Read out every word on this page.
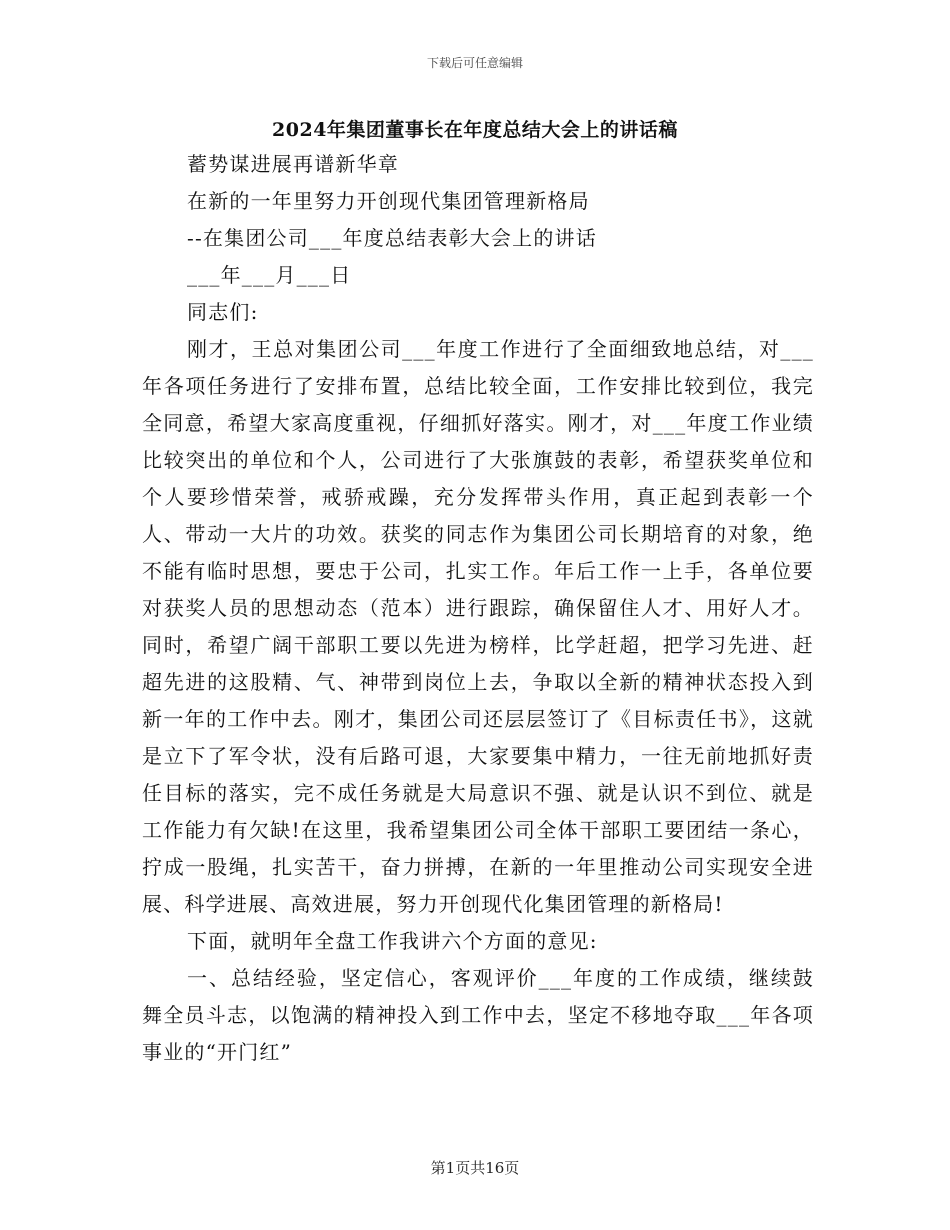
下载后可任意编辑
2024年集团董事长在年度总结大会上的讲话稿

蓄势谋进展再谱新华章

在新的一年里努力开创现代集团管理新格局

--在集团公司___年度总结表彰大会上的讲话

___年___月___日

同志们:

刚才，王总对集团公司___年度工作进行了全面细致地总结，对___年各项任务进行了安排布置，总结比较全面，工作安排比较到位，我完全同意，希望大家高度重视，仔细抓好落实。刚才，对___年度工作业绩比较突出的单位和个人，公司进行了大张旗鼓的表彰，希望获奖单位和个人要珍惜荣誉，戒骄戒躁，充分发挥带头作用，真正起到表彰一个人、带动一大片的功效。获奖的同志作为集团公司长期培育的对象，绝不能有临时思想，要忠于公司，扎实工作。年后工作一上手，各单位要对获奖人员的思想动态（范本）进行跟踪，确保留住人才、用好人才。同时，希望广阔干部职工要以先进为榜样，比学赶超，把学习先进、赶超先进的这股精、气、神带到岗位上去，争取以全新的精神状态投入到新一年的工作中去。刚才，集团公司还层层签订了《目标责任书》，这就是立下了军令状，没有后路可退，大家要集中精力，一往无前地抓好责任目标的落实，完不成任务就是大局意识不强、就是认识不到位、就是工作能力有欠缺!在这里，我希望集团公司全体干部职工要团结一条心，拧成一股绳，扎实苦干，奋力拼搏，在新的一年里推动公司实现安全进展、科学进展、高效进展，努力开创现代化集团管理的新格局!

下面，就明年全盘工作我讲六个方面的意见:

一、总结经验，坚定信心，客观评价___年度的工作成绩，继续鼓舞全员斗志，以饱满的精神投入到工作中去，坚定不移地夺取___年各项事业的“开门红”

第1页共16页
